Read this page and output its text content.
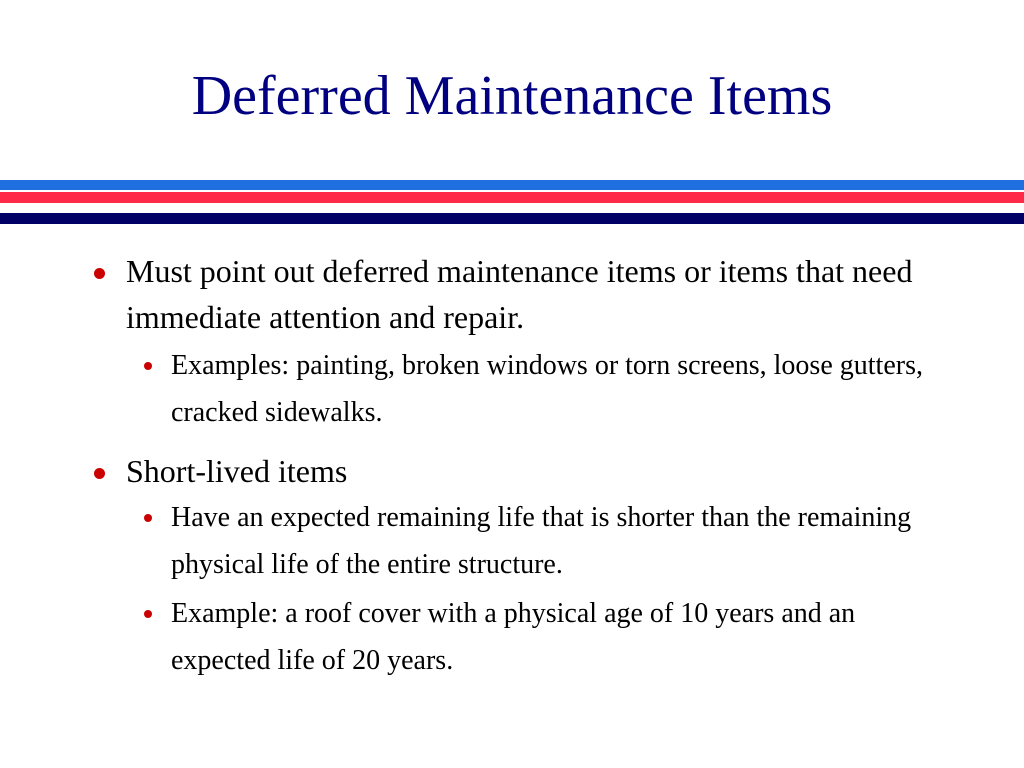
Deferred Maintenance Items
Must point out deferred maintenance items or items that need immediate attention and repair.
Examples: painting, broken windows or torn screens, loose gutters, cracked sidewalks.
Short-lived items
Have an expected remaining life that is shorter than the remaining physical life of the entire structure.
Example: a roof cover with a physical age of 10 years and an expected life of 20 years.
